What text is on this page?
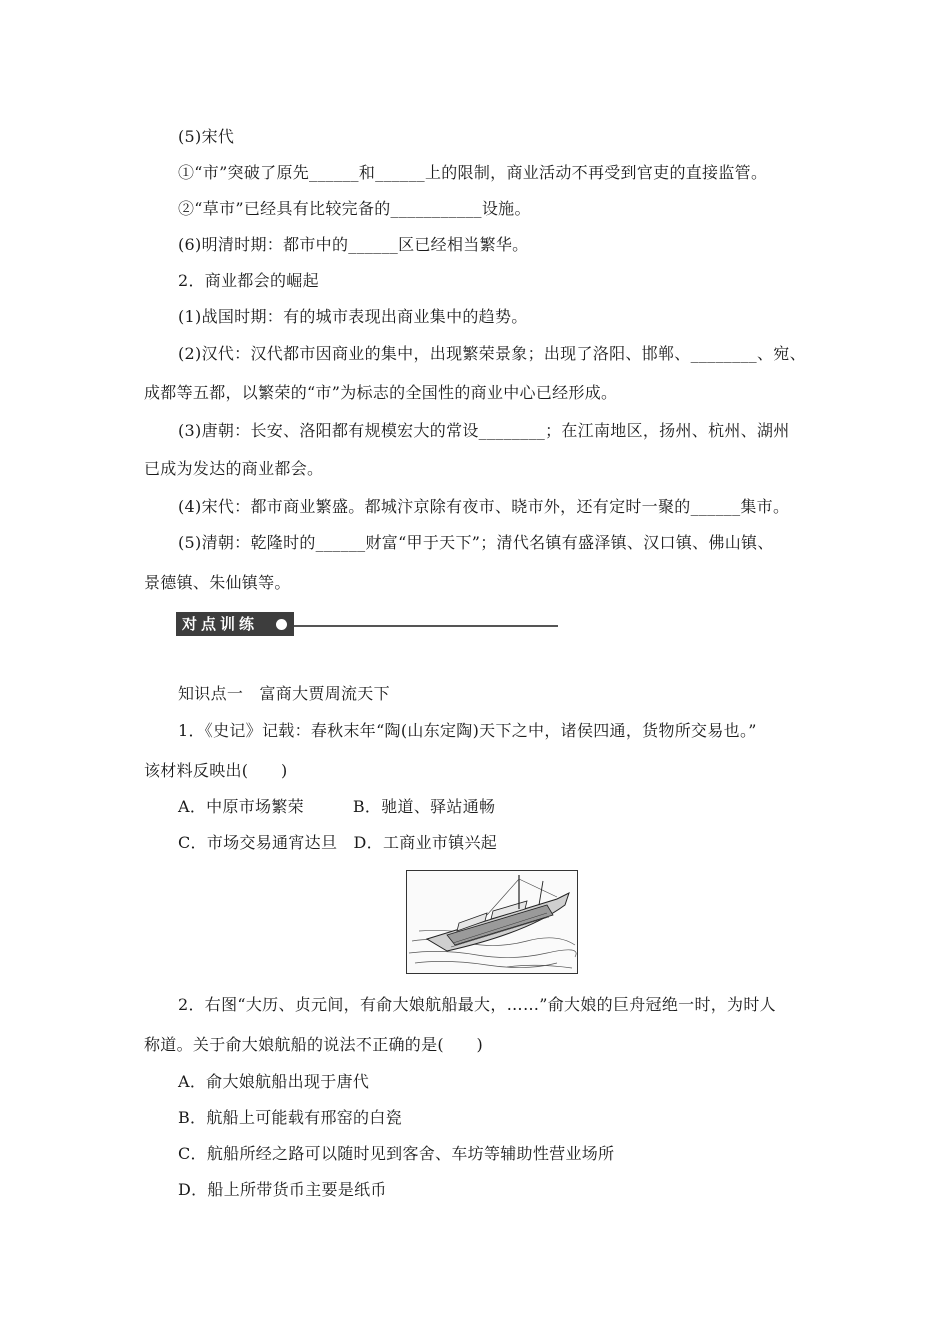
(5)宋代
①“市”突破了原先______和______上的限制，商业活动不再受到官吏的直接监管。
②“草市”已经具有比较完备的___________设施。
(6)明清时期：都市中的______区已经相当繁华。
2．商业都会的崛起
(1)战国时期：有的城市表现出商业集中的趋势。
(2)汉代：汉代都市因商业的集中，出现繁荣景象；出现了洛阳、邯郸、________、宛、
成都等五都，以繁荣的“市”为标志的全国性的商业中心已经形成。
(3)唐朝：长安、洛阳都有规模宏大的常设________；在江南地区，扬州、杭州、湖州
已成为发达的商业都会。
(4)宋代：都市商业繁盛。都城汴京除有夜市、晓市外，还有定时一聚的______集市。
(5)清朝：乾隆时的______财富“甲于天下”；清代名镇有盛泽镇、汉口镇、佛山镇、
景德镇、朱仙镇等。
对点训练
知识点一　富商大贾周流天下
1．《史记》记载：春秋末年“陶(山东定陶)天下之中，诸侯四通，货物所交易也。”
该材料反映出(　　)
A．中原市场繁荣　　　B．驰道、驿站通畅
C．市场交易通宵达旦　D．工商业市镇兴起
2．右图“大历、贞元间，有俞大娘航船最大，……”俞大娘的巨舟冠绝一时，为时人
称道。关于俞大娘航船的说法不正确的是(　　)
A．俞大娘航船出现于唐代
B．航船上可能载有邢窑的白瓷
C．航船所经之路可以随时见到客舍、车坊等辅助性营业场所
D．船上所带货币主要是纸币
